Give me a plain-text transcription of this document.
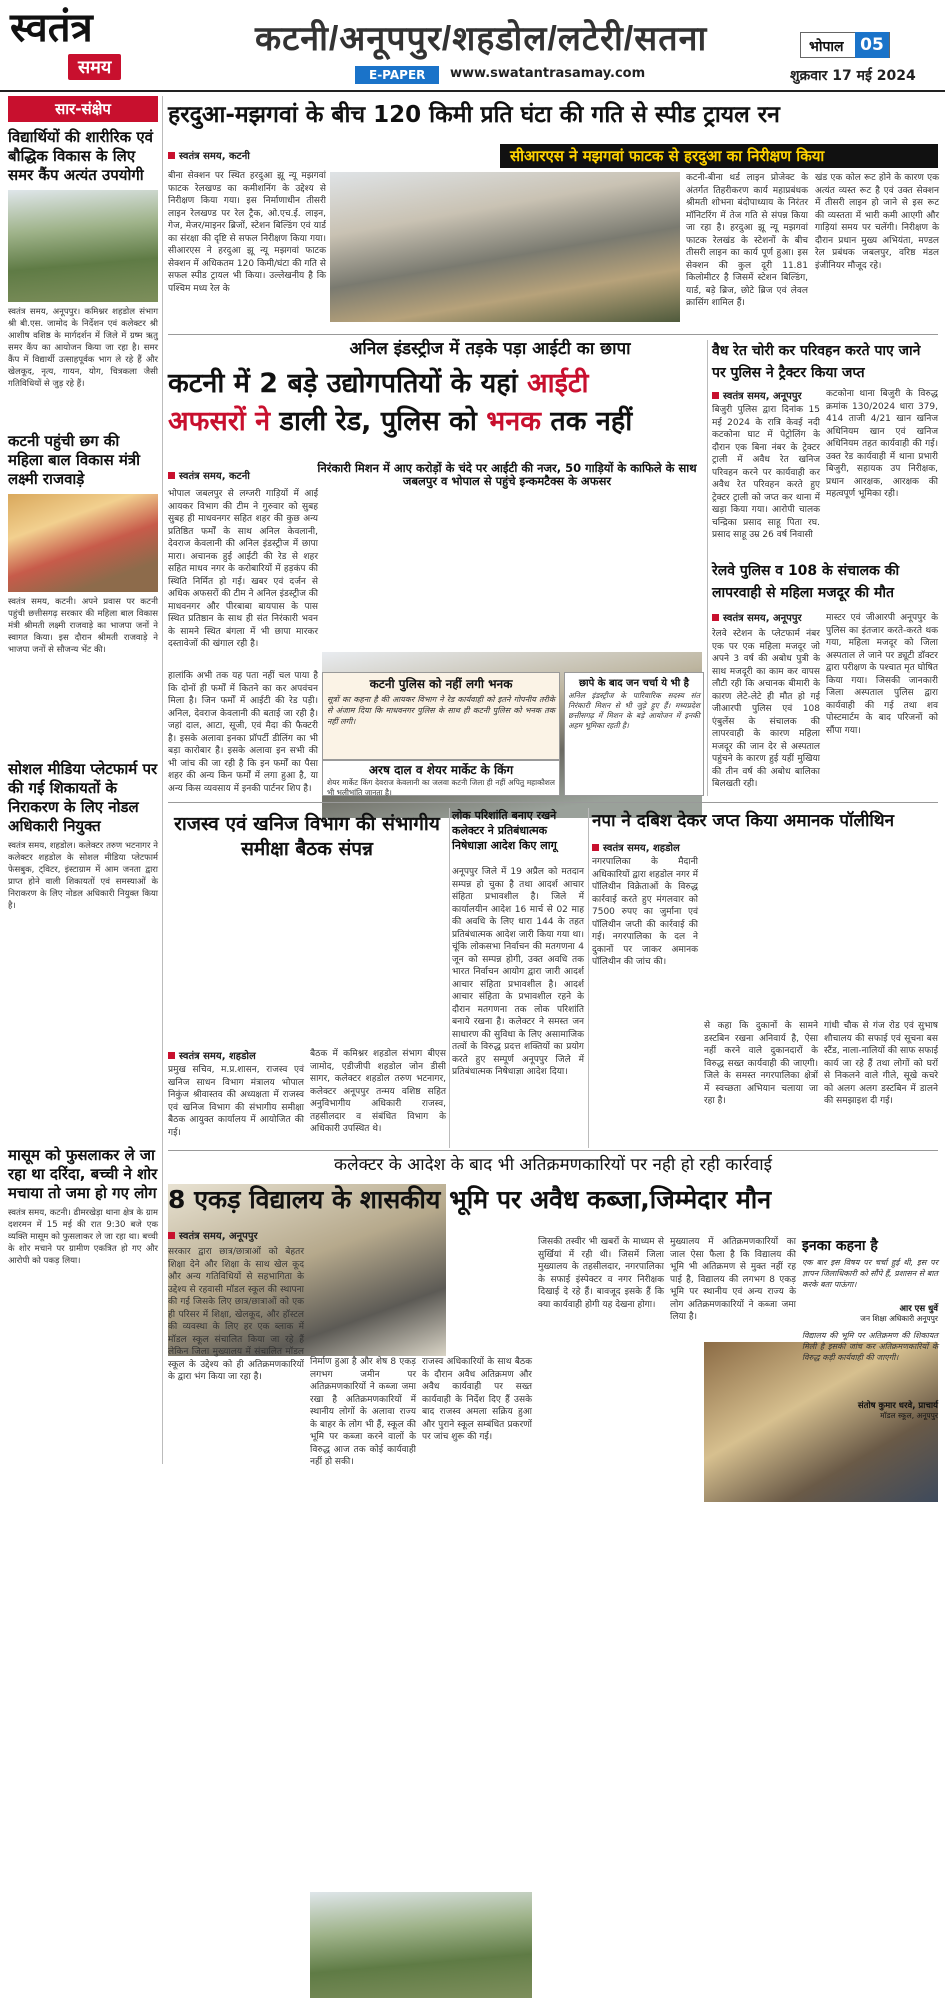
स्वतंत्र
समय
कटनी/अनूपपुर/शहडोल/लटेरी/सतना
E-PAPER	www.swatantrasamay.com
भोपाल 05
शुक्रवार 17 मई 2024
सार-संक्षेप
विद्यार्थियों की शारीरिक एवं बौद्धिक विकास के लिए समर कैंप अत्यंत उपयोगी
स्वतंत्र समय, अनूपपुर। कमिश्नर शहडोल संभाग श्री बी.एस. जामोद के निर्देशन एवं कलेक्टर श्री आशीष वशिष्ठ के मार्गदर्शन में जिले में ग्रष्म ऋतु समर कैंप का आयोजन किया जा रहा है। समर कैंप में विद्यार्थी उत्साहपूर्वक भाग ले रहे हैं और खेलकूद, नृत्य, गायन, योग, चित्रकला जैसी गतिविधियों से जुड़ रहे हैं।
कटनी पहुंची छग की महिला बाल विकास मंत्री लक्ष्मी राजवाड़े
स्वतंत्र समय, कटनी। अपने प्रवास पर कटनी पहुंची छत्तीसगढ़ सरकार की महिला बाल विकास मंत्री श्रीमती लक्ष्मी राजवाड़े का भाजपा जनों ने स्वागत किया। इस दौरान श्रीमती राजवाड़े ने भाजपा जनों से सौजन्य भेंट की।
सोशल मीडिया प्लेटफार्म पर की गई शिकायतों के निराकरण के लिए नोडल अधिकारी नियुक्त
स्वतंत्र समय, शहडोल। कलेक्टर तरुण भटनागर ने कलेक्टर शहडोल के सोशल मीडिया प्लेटफार्म फेसबुक, ट्विटर, इंस्टाग्राम में आम जनता द्वारा प्राप्त होने वाली शिकायतों एवं समस्याओं के निराकरण के लिए नोडल अधिकारी नियुक्त किया है।
मासूम को फुसलाकर ले जा रहा था दरिंदा, बच्ची ने शोर मचाया तो जमा हो गए लोग
स्वतंत्र समय, कटनी। ढीमरखेड़ा थाना क्षेत्र के ग्राम दशरमन में 15 मई की रात 9:30 बजे एक व्यक्ति मासूम को फुसलाकर ले जा रहा था। बच्ची के शोर मचाने पर ग्रामीण एकत्रित हो गए और आरोपी को पकड़ लिया।
हरदुआ-मझगवां के बीच 120 किमी प्रति घंटा की गति से स्पीड ट्रायल रन
स्वतंत्र समय, कटनी	सीआरएस ने मझगवां फाटक से हरदुआ का निरीक्षण किया
बीना सेक्शन पर स्थित हरदुआ झू न्यू मझगवां फाटक रेलखण्ड का कमीशनिंग के उद्देश्य से निरीक्षण किया गया। इस निर्माणाधीन तीसरी लाइन रेलखण्ड पर रेल ट्रैक, ओ.एच.ई. लाइन, गेज, मेजर/माइनर ब्रिजों, स्टेशन बिल्डिंग एवं यार्ड का संरक्षा की दृष्टि से सफल निरीक्षण किया गया। सीआरएस ने हरदुआ झू न्यू मझगवां फाटक सेक्शन में अधिकतम 120 किमी/घंटा की गति से सफल स्पीड ट्रायल भी किया। उल्लेखनीय है कि पश्चिम मध्य रेल के
कटनी-बीना थर्ड लाइन प्रोजेक्ट के अंतर्गत तिहरीकरण कार्य महाप्रबंधक श्रीमती शोभना बंदोपाध्याय के निरंतर मॉनिटरिंग में तेज गति से संपन्न किया जा रहा है। हरदुआ झू न्यू मझगवां फाटक रेलखंड के स्टेशनों के बीच तीसरी लाइन का कार्य पूर्ण हुआ। इस सेक्शन की कुल दूरी 11.81 किलोमीटर है जिसमें स्टेशन बिल्डिंग, यार्ड, बड़े ब्रिज, छोटे ब्रिज एवं लेवल क्रासिंग शामिल हैं।
खंड एक कोल रूट होने के कारण एक अत्यंत व्यस्त रूट है एवं उक्त सेक्शन में तीसरी लाइन हो जाने से इस रूट की व्यस्तता में भारी कमी आएगी और गाड़ियां समय पर चलेंगी। निरीक्षण के दौरान प्रधान मुख्य अभियंता, मण्डल रेल प्रबंधक जबलपुर, वरिष्ठ मंडल इंजीनियर मौजूद रहे।
अनिल इंडस्ट्रीज में तड़के पड़ा आईटी का छापा
कटनी में 2 बड़े उद्योगपतियों के यहां आईटी
अफसरों ने डाली रेड, पुलिस को भनक तक नहीं
स्वतंत्र समय, कटनी
निरंकारी मिशन में आए करोड़ों के चंदे पर आईटी की नजर, 50 गाड़ियों के काफिले के साथ जबलपुर व भोपाल से पहुंचे इन्कमटैक्स के अफसर
भोपाल जबलपुर से लग्जरी गाड़ियों में आई आयकर विभाग की टीम ने गुरुवार को सुबह सुबह ही माधवनगर सहित शहर की कुछ अन्य प्रतिष्ठित फर्मों के साथ अनिल केवलानी, देवराज केवलानी की अनिल इंडस्ट्रीज में छापा मारा। अचानक हुई आईटी की रेड से शहर सहित माधव नगर के करोबारियों में हड़कंप की स्थिति निर्मित हो गई। खबर एवं दर्जन से अधिक अफसरों की टीम ने अनिल इंडस्ट्रीज की माधवनगर और पीरबाबा बायपास के पास स्थित प्रतिष्ठान के साथ ही संत निरंकारी भवन के सामने स्थित बंगला में भी छापा मारकर दस्तावेजों की खंगाल रही है।
हालांकि अभी तक यह पता नहीं चल पाया है कि दोनों ही फर्मों में कितने का कर अपवंचन मिला है। जिन फर्मों में आईटी की रेड पड़ी। अनिल, देवराज केवलानी की बताई जा रही है। जहां दाल, आटा, सूजी, एवं मैदा की फैक्टरी है। इसके अलावा इनका प्रॉपर्टी डीलिंग का भी बड़ा कारोबार है। इसके अलावा इन सभी की भी जांच की जा रही है कि इन फर्मों का पैसा शहर की अन्य किन फर्मों में लगा हुआ है, या अन्य किस व्यवसाय में इनकी पार्टनर शिप है।
कटनी पुलिस को नहीं लगी भनक
सूत्रों का कहना है की आयकर विभाग ने रेड कार्यवाही को इतने गोपनीय तरीके से अंजाम दिया कि माधवनगर पुलिस के साथ ही कटनी पुलिस को भनक तक नहीं लगी।
अरष दाल व शेयर मार्केट के किंग
शेयर मार्केट किंग देवराज केवलानी का जलवा कटनी जिला ही नहीं अपितु महाकौशल भी भलीभांति जानता है।
छापे के बाद जन चर्चा ये भी है
अनिल इंडस्ट्रीज के पारिवारिक सदस्य संत निरंकारी मिशन से भी जुड़े हुए हैं। मध्यप्रदेश छत्तीसगढ़ में मिशन के बड़े आयोजन में इनकी अहम भूमिका रहती है।
वैध रेत चोरी कर परिवहन करते पाए जाने पर पुलिस ने ट्रैक्टर किया जप्त
स्वतंत्र समय, अनूपपुर
बिजुरी पुलिस द्वारा दिनांक 15 मई 2024 के रात्रि केवई नदी कटकोना घाट में पेट्रोलिंग के दौरान एक बिना नंबर के ट्रेक्टर ट्राली में अवैध रेत खनिज परिवहन करने पर कार्यवाही कर अवैध रेत परिवहन करते हुए ट्रेक्टर ट्राली को जप्त कर थाना में खड़ा किया गया। आरोपी चालक चन्द्रिका प्रसाद साहू पिता रघ. प्रसाद साहू उम्र 26 वर्ष निवासी
कटकोना थाना बिजुरी के विरुद्ध क्रमांक 130/2024 धारा 379, 414 ताजी 4/21 खान खनिज अधिनियम खान एवं खनिज अधिनियम तहत कार्यवाही की गई। उक्त रेड कार्यवाही में थाना प्रभारी बिजुरी, सहायक उप निरीक्षक, प्रधान आरक्षक, आरक्षक की महत्वपूर्ण भूमिका रही।
रेलवे पुलिस व 108 के संचालक की लापरवाही से महिला मजदूर की मौत
स्वतंत्र समय, अनूपपुर
रेलवे स्टेशन के प्लेटफार्म नंबर एक पर एक महिला मजदूर जो अपने 3 वर्ष की अबोध पुत्री के साथ मजदूरी का काम कर वापस लौटी रही कि अचानक बीमारी के कारण लेटे-लेटे ही मौत हो गई जीआरपी पुलिस एवं 108 एंबुलेंस के संचालक की लापरवाही के कारण महिला मजदूर की जान देर से अस्पताल पहुंचने के कारण हुई यहीं मुखिया की तीन वर्ष की अबोध बालिका बिलखती रही।
मास्टर एवं जीआरपी अनूपपुर के पुलिस का इंतजार करते-करते थक गया, महिला मजदूर को जिला अस्पताल ले जाने पर ड्यूटी डॉक्टर द्वारा परीक्षण के पश्चात मृत घोषित किया गया। जिसकी जानकारी जिला अस्पताल पुलिस द्वारा कार्यवाही की गई तथा शव पोस्टमार्टम के बाद परिजनों को सौंपा गया।
राजस्व एवं खनिज विभाग की संभागीय समीक्षा बैठक संपन्न
स्वतंत्र समय, शहडोल
प्रमुख सचिव, म.प्र.शासन, राजस्व एवं खनिज साधन विभाग मंत्रालय भोपाल निकुंज श्रीवास्तव की अध्यक्षता में राजस्व एवं खनिज विभाग की संभागीय समीक्षा बैठक आयुक्त कार्यालय में आयोजित की गई।
बैठक में कमिश्नर शहडोल संभाग बीएस जामोद, एडीजीपी शहडोल जोन डीसी सागर, कलेक्टर शहडोल तरुण भटनागर, कलेक्टर अनूपपुर तन्मय वशिष्ठ सहित अनुविभागीय अधिकारी राजस्व, तहसीलदार व संबंधित विभाग के अधिकारी उपस्थित थे।
लोक परिशांति बनाए रखने कलेक्टर ने प्रतिबंधात्मक निषेधाज्ञा आदेश किए लागू
अनूपपुर जिले में 19 अप्रैल को मतदान सम्पन्न हो चुका है तथा आदर्श आचार संहिता प्रभावशील है। जिले में कार्यालयीन आदेश 16 मार्च से 02 माह की अवधि के लिए धारा 144 के तहत प्रतिबंधात्मक आदेश जारी किया गया था। चूंकि लोकसभा निर्वाचन की मतगणना 4 जून को सम्पन्न होगी, उक्त अवधि तक भारत निर्वाचन आयोग द्वारा जारी आदर्श आचार संहिता प्रभावशील है। आदर्श आचार संहिता के प्रभावशील रहने के दौरान मतगणना तक लोक परिशांति बनाये रखना है। कलेक्टर ने समस्त जन साधारण की सुविधा के लिए असामाजिक तत्वों के विरुद्ध प्रदत्त शक्तियों का प्रयोग करते हुए सम्पूर्ण अनूपपुर जिले में प्रतिबंधात्मक निषेधाज्ञा आदेश दिया।
नपा ने दबिश देकर जप्त किया अमानक पॉलीथिन
स्वतंत्र समय, शहडोल
नगरपालिका के मैदानी अधिकारियों द्वारा शहडोल नगर में पॉलिथीन विक्रेताओं के विरुद्ध कार्रवाई करते हुए मंगलवार को 7500 रुपए का जुर्माना एवं पॉलिथीन जप्ती की कार्रवाई की गई। नगरपालिका के दल ने दुकानों पर जाकर अमानक पॉलिथीन की जांच की।
से कहा कि दुकानों के सामने डस्टबिन रखना अनिवार्य है, ऐसा नहीं करने वाले दुकानदारों के विरुद्ध सख्त कार्यवाही की जाएगी। जिले के समस्त नगरपालिका क्षेत्रों में स्वच्छता अभियान चलाया जा रहा है।
गांधी चौक से गंज रोड एवं सुभाष शौचालय की सफाई एवं सूचना बस स्टैंड, नाला-नालियों की साफ सफाई कार्य जा रहे हैं तथा लोगों को घरों से निकलने वाले गीले, सूखे कचरे को अलग अलग डस्टबिन में डालने की समझाइश दी गई।
कलेक्टर के आदेश के बाद भी अतिक्रमणकारियों पर नही हो रही कार्रवाई
8 एकड़ विद्यालय के शासकीय भूमि पर अवैध कब्जा,जिम्मेदार मौन
स्वतंत्र समय, अनूपपुर
सरकार द्वारा छात्र/छात्राओं को बेहतर शिक्षा देने और शिक्षा के साथ खेल कूद और अन्य गतिविधियों से सहभागिता के उद्देश्य से रहवासी मॉडल स्कूल की स्थापना की गई जिसके लिए छात्र/छात्राओं को एक ही परिसर में शिक्षा, खेलकूद, और हॉस्टल की व्यवस्था के लिए हर एक ब्लाक में मॉडल स्कूल संचालित किया जा रहे हैं लेकिन जिला मुख्यालय में संचालित मॉडल स्कूल के उद्देश्य को ही अतिक्रमणकारियों के द्वारा भंग किया जा रहा है।
निर्माण हुआ है और शेष 8 एकड़ लगभग जमीन पर अतिक्रमणकारियों ने कब्जा जमा रखा है अतिक्रमणकारियों में स्थानीय लोगों के अलावा राज्य के बाहर के लोग भी हैं, स्कूल की भूमि पर कब्जा करने वालों के विरुद्ध आज तक कोई कार्यवाही नहीं हो सकी।
राजस्व अधिकारियों के साथ बैठक के दौरान अवैध अतिक्रमण और अवैध कार्यवाही पर सख्त कार्यवाही के निर्देश दिए हैं उसके बाद राजस्व अमला सक्रिय हुआ और पुराने स्कूल सम्बंधित प्रकरणों पर जांच शुरू की गई।
जिसकी तस्वीर भी खबरों के माध्यम से सुर्खियां में रही थी। जिसमें जिला मुख्यालय के तहसीलदार, नगरपालिका के सफाई इंस्पेक्टर व नगर निरीक्षक दिखाई दे रहे हैं। बावजूद इसके हैं कि क्या कार्यवाही होगी यह देखना होगा।
मुख्यालय में अतिक्रमणकारियों का जाल ऐसा फैला है कि विद्यालय की भूमि भी अतिक्रमण से मुक्त नहीं रह पाई है, विद्यालय की लगभग 8 एकड़ भूमि पर स्थानीय एवं अन्य राज्य के लोग अतिक्रमणकारियों ने कब्जा जमा लिया है।
इनका कहना है
एक बार इस विषय पर चर्चा हुई थी, इस पर ज्ञापन जिलाधिकारी को सौंपे हैं, प्रशासन से बात करके बता पाऊंगा।
आर एस धुर्वे
जन शिक्षा अधिकारी अनूपपुर
विद्यालय की भूमि पर अतिक्रमण की शिकायत मिली है इसकी जांच कर अतिक्रमणकारियों के विरुद्ध कड़ी कार्यवाही की जाएगी।
संतोष कुमार धरवे, प्राचार्य
मॉडल स्कूल, अनूपपुर
